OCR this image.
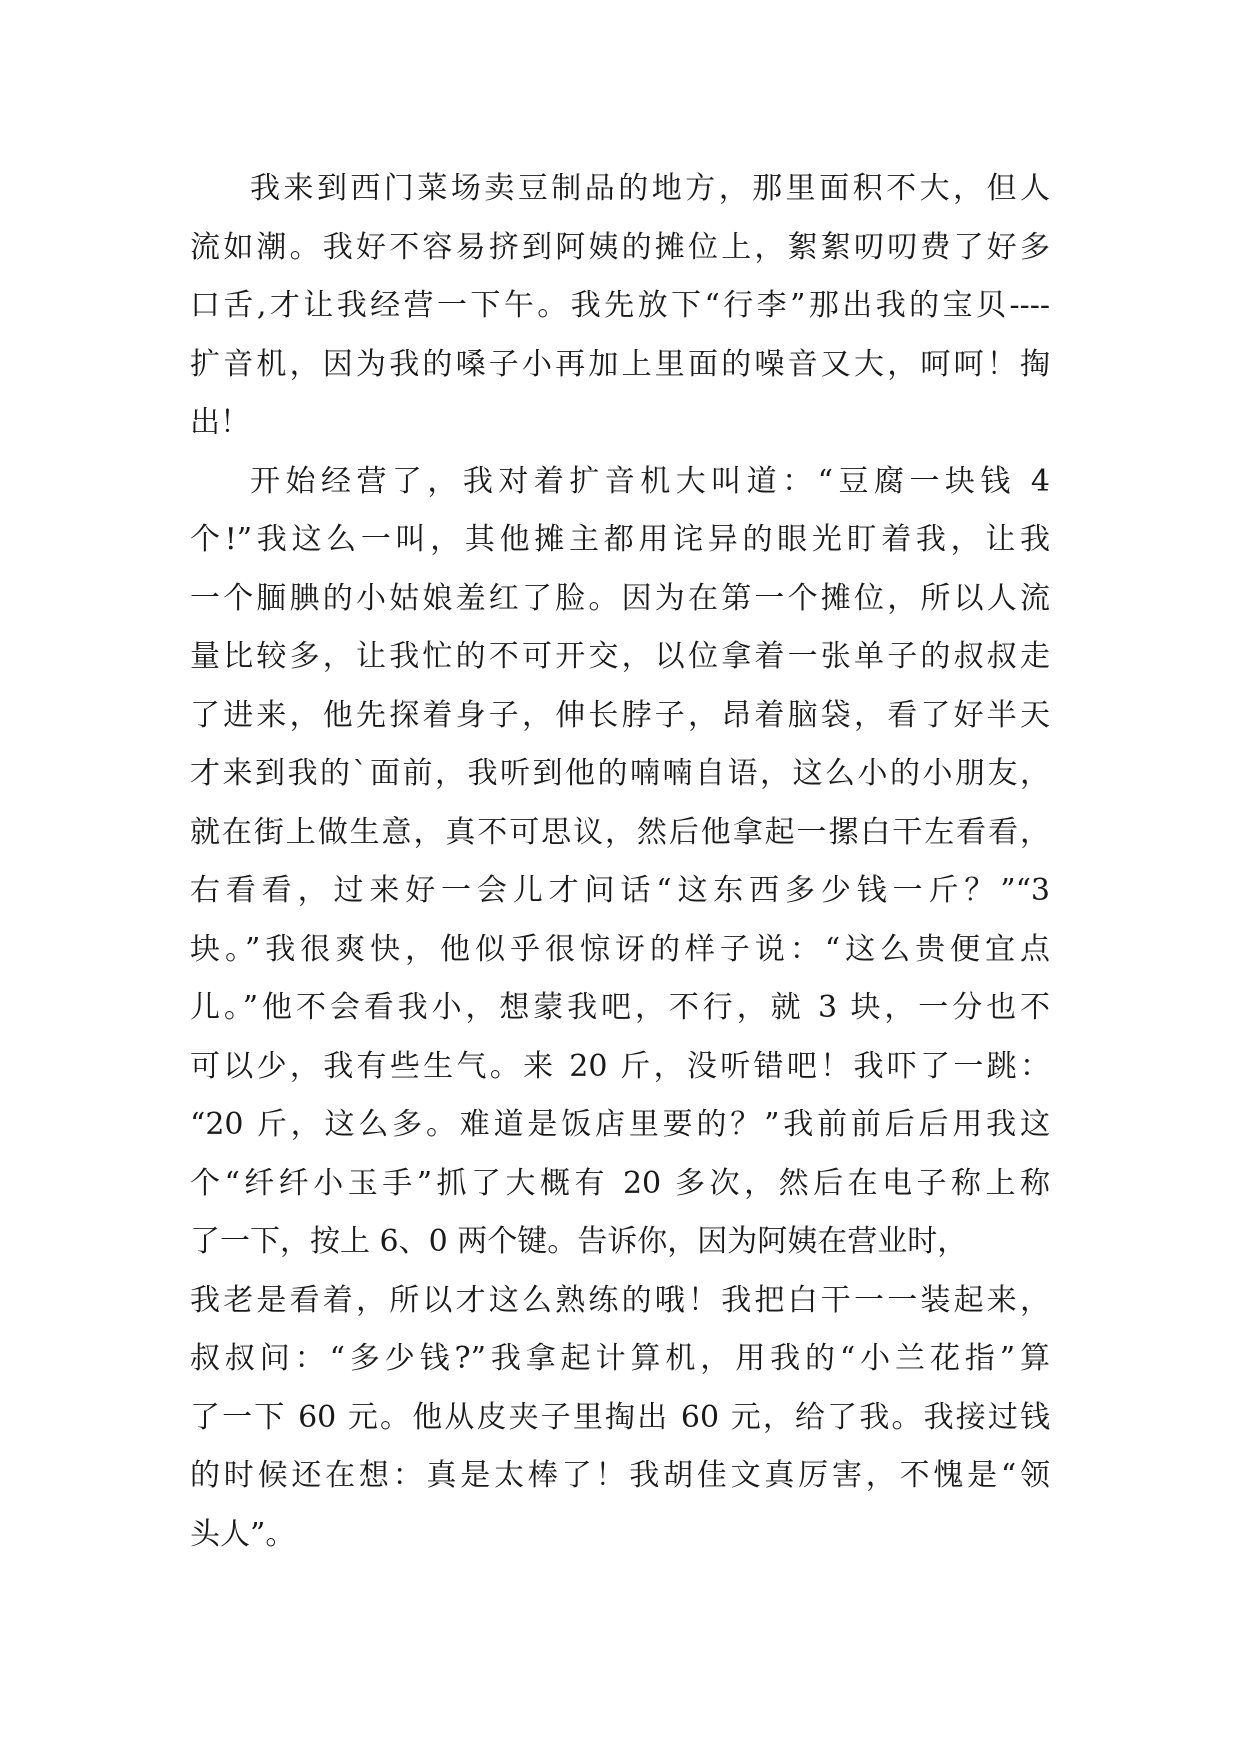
我来到西门菜场卖豆制品的地方，那里面积不大，但人
流如潮。我好不容易挤到阿姨的摊位上，絮絮叨叨费了好多
口舌,才让我经营一下午。我先放下“行李”那出我的宝贝----
扩音机，因为我的嗓子小再加上里面的噪音又大，呵呵！掏
出！
开始经营了，我对着扩音机大叫道：“豆腐一块钱 4
个!”我这么一叫，其他摊主都用诧异的眼光盯着我，让我
一个腼腆的小姑娘羞红了脸。因为在第一个摊位，所以人流
量比较多，让我忙的不可开交，以位拿着一张单子的叔叔走
了进来，他先探着身子，伸长脖子，昂着脑袋，看了好半天
才来到我的`面前，我听到他的喃喃自语，这么小的小朋友，
就在街上做生意，真不可思议，然后他拿起一摞白干左看看，
右看看，过来好一会儿才问话“这东西多少钱一斤？”“3
块。”我很爽快，他似乎很惊讶的样子说：“这么贵便宜点
儿。”他不会看我小，想蒙我吧，不行，就 3 块，一分也不
可以少，我有些生气。来 20 斤，没听错吧！我吓了一跳：
“20 斤，这么多。难道是饭店里要的？”我前前后后用我这
个“纤纤小玉手”抓了大概有 20 多次，然后在电子称上称
了一下，按上 6、0 两个键。告诉你，因为阿姨在营业时，
我老是看着，所以才这么熟练的哦！我把白干一一装起来，
叔叔问：“多少钱?”我拿起计算机，用我的“小兰花指”算
了一下 60 元。他从皮夹子里掏出 60 元，给了我。我接过钱
的时候还在想：真是太棒了！我胡佳文真厉害，不愧是“领
头人”。
